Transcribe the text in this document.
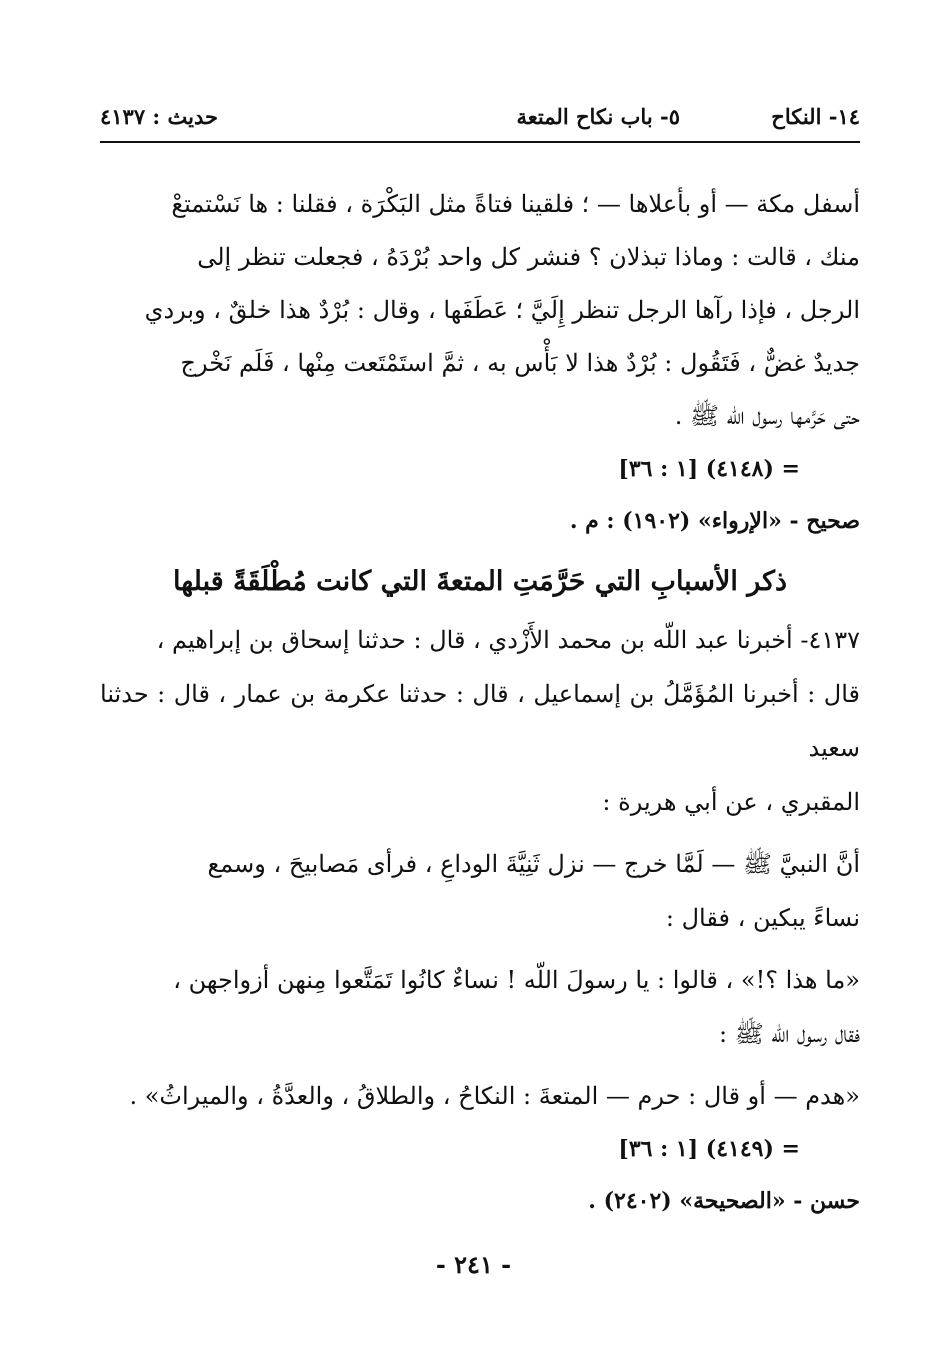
١٤- النكاح
٥- باب نكاح المتعة
حديث : ٤١٣٧

أسفل مكة — أو بأعلاها — ؛ فلقينا فتاةً مثل البَكْرَة ، فقلنا : ها نَسْتمتعْ

منك ، قالت : وماذا تبذلان ؟ فنشر كل واحد بُرْدَهُ ، فجعلت تنظر إلى

الرجل ، فإذا رآها الرجل تنظر إِلَيَّ ؛ عَطَفَها ، وقال : بُرْدٌ هذا خلقٌ ، وبردي

جديدٌ غضٌّ ، فَتَقُول : بُرْدٌ هذا لا بَأْس به ، ثمَّ استَمْتَعت مِنْها ، فَلَم نَخْرج

حتى حَرَّمها رسول اللّه ﷺ .

= (٤١٤٨) [١ : ٣٦]

صحيح - «الإرواء» (١٩٠٢) : م .

ذكر الأسبابِ التي حَرَّمَتِ المتعةَ التي كانت مُطْلَقَةً قبلها

٤١٣٧- أخبرنا عبد اللّه بن محمد الأَزْدي ، قال : حدثنا إسحاق بن إبراهيم ،

قال : أخبرنا المُؤَمَّلُ بن إسماعيل ، قال : حدثنا عكرمة بن عمار ، قال : حدثنا سعيد

المقبري ، عن أبي هريرة :

أنَّ النبيَّ ﷺ — لَمَّا خرج — نزل ثَنِيَّةَ الوداعِ ، فرأى مَصابيحَ ، وسمع

نساءً يبكين ، فقال :

«ما هذا ؟!» ، قالوا : يا رسولَ اللّه ! نساءٌ كانُوا تَمَتَّعوا مِنهن أزواجهن ،

فقال رسول اللّه ﷺ :

«هدم — أو قال : حرم — المتعةَ : النكاحُ ، والطلاقُ ، والعدَّةُ ، والميراثُ» .

= (٤١٤٩) [١ : ٣٦]

حسن - «الصحيحة» (٢٤٠٢) .

- ٢٤١ -
